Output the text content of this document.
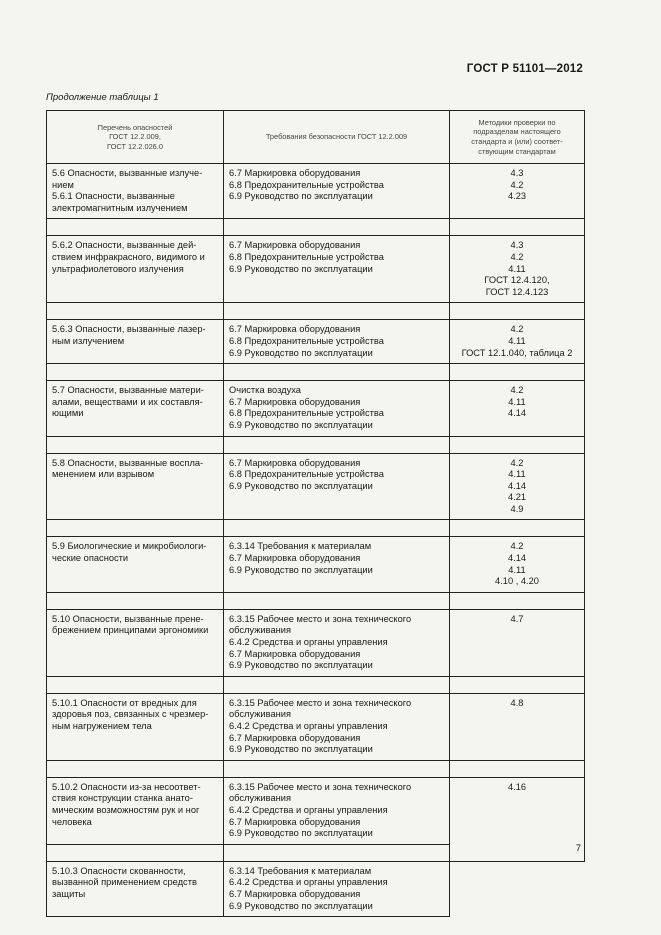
ГОСТ Р 51101—2012
Продолжение таблицы 1
Перечень опасностей
ГОСТ 12.2.009,
ГОСТ 12.2.026.0	Требования безопасности ГОСТ 12.2.009	Методики проверки по
подразделам настоящего
стандарта и (или) соответ-
ствующим стандартам

5.6 Опасности, вызванные излуче-
нием
5.6.1 Опасности, вызванные
электромагнитным излучением	6.7 Маркировка оборудования
6.8 Предохранительные устройства
6.9 Руководство по эксплуатации	4.3
4.2
4.23

5.6.2 Опасности, вызванные дей-
ствием инфракрасного, видимого и
ультрафиолетового излучения	6.7 Маркировка оборудования
6.8 Предохранительные устройства
6.9 Руководство по эксплуатации	4.3
4.2
4.11
ГОСТ 12.4.120,
ГОСТ 12.4.123

5.6.3 Опасности, вызванные лазер-
ным излучением	6.7 Маркировка оборудования
6.8 Предохранительные устройства
6.9 Руководство по эксплуатации	4.2
4.11
ГОСТ 12.1.040, таблица 2

5.7 Опасности, вызванные матери-
алами, веществами и их составля-
ющими	Очистка воздуха
6.7 Маркировка оборудования
6.8 Предохранительные устройства
6.9 Руководство по эксплуатации	4.2
4.11
4.14

5.8 Опасности, вызванные воспла-
менением или взрывом	6.7 Маркировка оборудования
6.8 Предохранительные устройства
6.9 Руководство по эксплуатации	4.2
4.11
4.14
4.21
4.9

5.9 Биологические и микробиологи-
ческие опасности	6.3.14 Требования к материалам
6.7 Маркировка оборудования
6.9 Руководство по эксплуатации	4.2
4.14
4.11
4.10 , 4.20

5.10 Опасности, вызванные прене-
брежением принципами эргономики	6.3.15 Рабочее место и зона технического
обслуживания
6.4.2 Средства и органы управления
6.7 Маркировка оборудования
6.9 Руководство по эксплуатации	4.7

5.10.1 Опасности от вредных для
здоровья поз, связанных с чрезмер-
ным нагружением тела	6.3.15 Рабочее место и зона технического
обслуживания
6.4.2 Средства и органы управления
6.7 Маркировка оборудования
6.9 Руководство по эксплуатации	4.8

5.10.2 Опасности из-за несоответ-
ствия конструкции станка анато-
мическим возможностям рук и ног
человека	6.3.15 Рабочее место и зона технического
обслуживания
6.4.2 Средства и органы управления
6.7 Маркировка оборудования
6.9 Руководство по эксплуатации	4.16

5.10.3 Опасности скованности,
вызванной применением средств
защиты	6.3.14 Требования к материалам
6.4.2 Средства и органы управления
6.7 Маркировка оборудования
6.9 Руководство по эксплуатации	
7
